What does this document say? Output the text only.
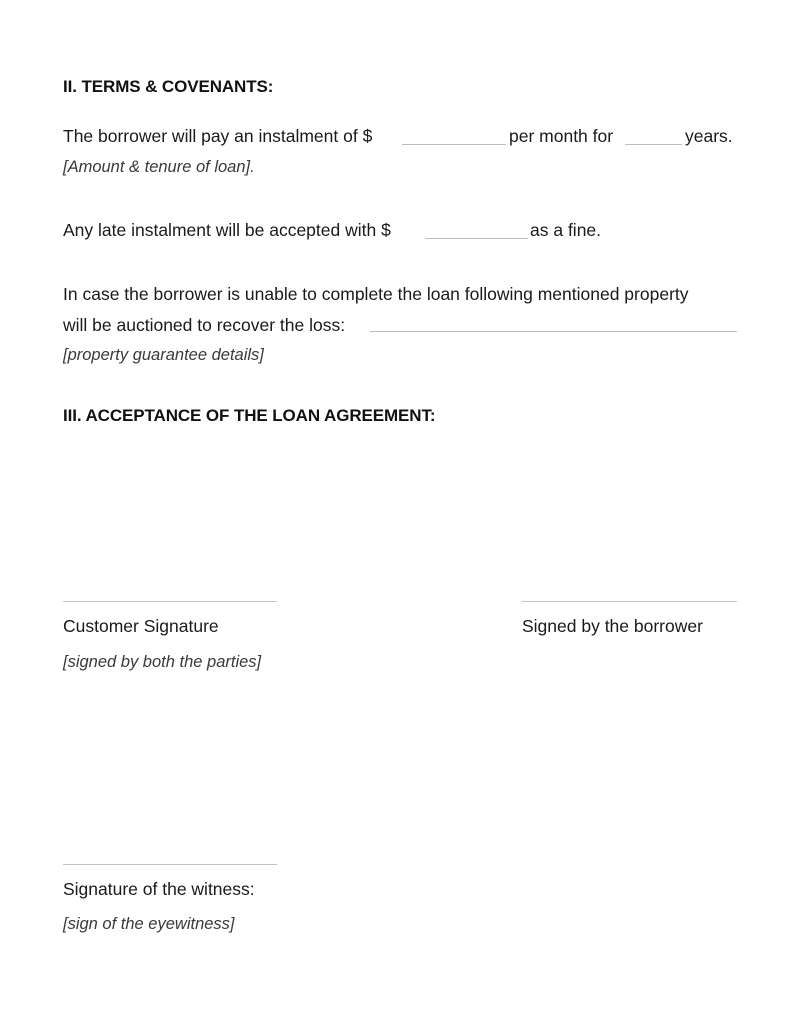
II. TERMS & COVENANTS:
The borrower will pay an instalment of $	per month for	years.
[Amount & tenure of loan].
Any late instalment will be accepted with $	as a fine.
In case the borrower is unable to complete the loan following mentioned property
will be auctioned to recover the loss:
[property guarantee details]
III. ACCEPTANCE OF THE LOAN AGREEMENT:
Customer Signature	Signed by the borrower
[signed by both the parties]
Signature of the witness:
[sign of the eyewitness]
